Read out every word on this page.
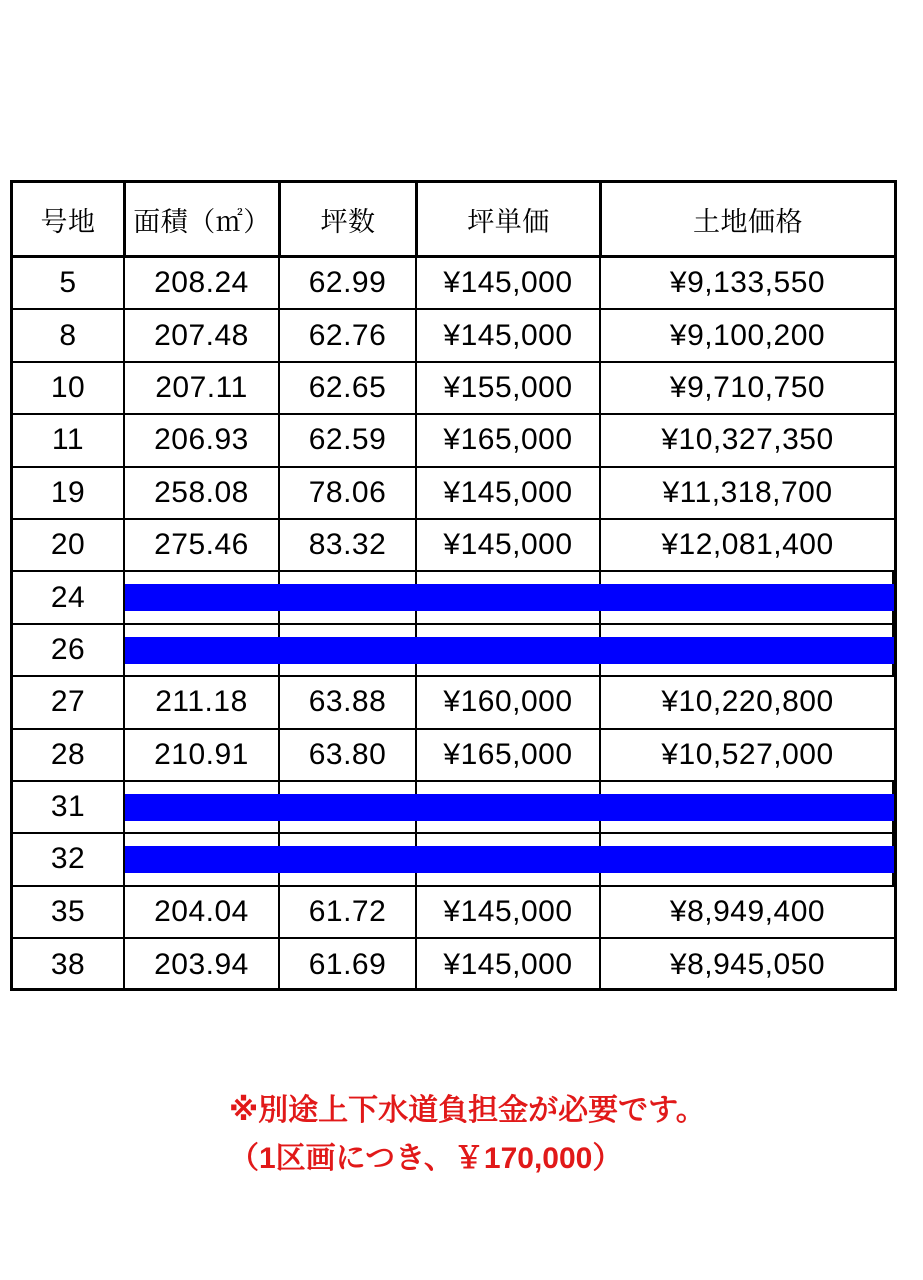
号地	面積（㎡）	坪数	坪単価	土地価格
5	208.24	62.99	¥145,000	¥9,133,550
8	207.48	62.76	¥145,000	¥9,100,200
10	207.11	62.65	¥155,000	¥9,710,750
11	206.93	62.59	¥165,000	¥10,327,350
19	258.08	78.06	¥145,000	¥11,318,700
20	275.46	83.32	¥145,000	¥12,081,400
24
26
27	211.18	63.88	¥160,000	¥10,220,800
28	210.91	63.80	¥165,000	¥10,527,000
31
32
35	204.04	61.72	¥145,000	¥8,949,400
38	203.94	61.69	¥145,000	¥8,945,050
※別途上下水道負担金が必要です。
（1区画につき、￥170,000）
